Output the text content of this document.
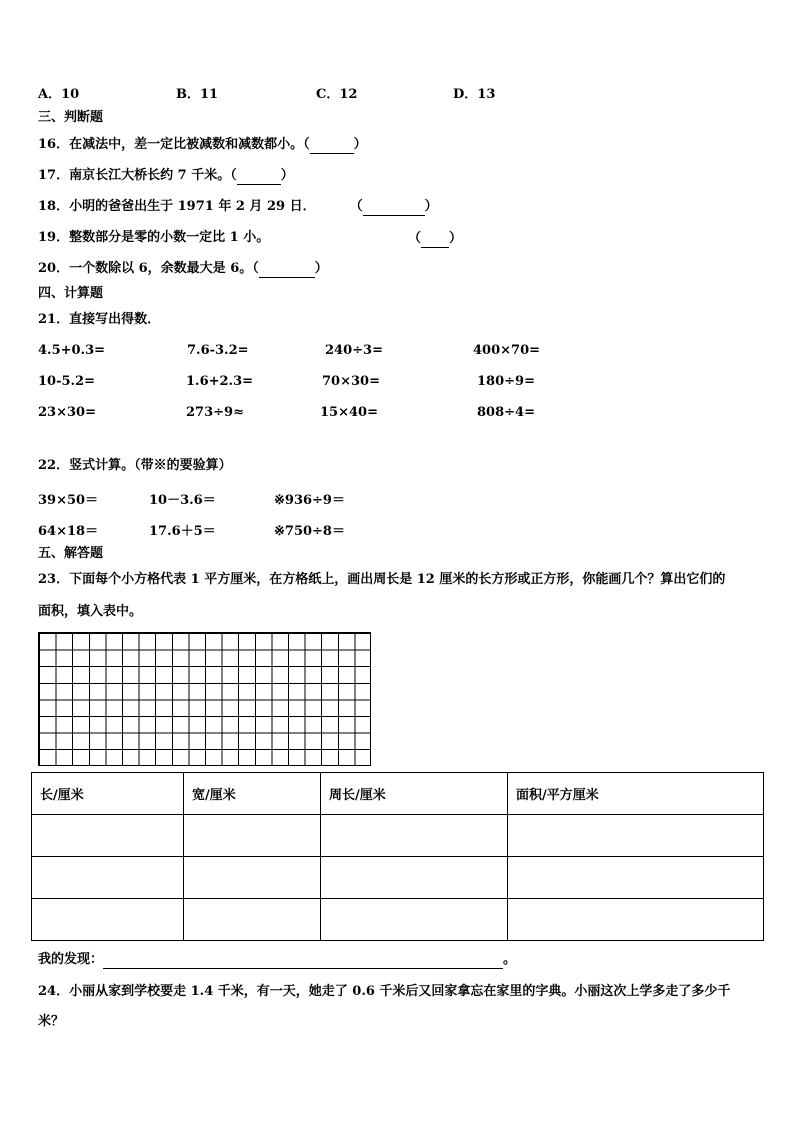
A．10	B．11	C．12	D．13
三、判断题
16．在减法中，差一定比被减数和减数都小。（	）
17．南京长江大桥长约 7 千米。（	）
18．小明的爸爸出生于 1971 年 2 月 29 日．	（	）
19．整数部分是零的小数一定比 1 小。	（ ）
20．一个数除以 6，余数最大是 6。（	）
四、计算题
21．直接写出得数．
4.5+0.3=	7.6-3.2=	240÷3=	400×70=
10-5.2=	1.6+2.3=	70×30=	180÷9=
23×30=	273÷9≈	15×40=	808÷4=
22．竖式计算。（带※的要验算）
39×50＝	10－3.6＝	※936÷9＝
64×18＝	17.6＋5＝	※750÷8＝
五、解答题
23．下面每个小方格代表 1 平方厘米，在方格纸上，画出周长是 12 厘米的长方形或正方形，你能画几个？算出它们的
面积，填入表中。
长/厘米	宽/厘米	周长/厘米	面积/平方厘米

我的发现：	。
24．小丽从家到学校要走 1.4 千米，有一天，她走了 0.6 千米后又回家拿忘在家里的字典。小丽这次上学多走了多少千
米？
